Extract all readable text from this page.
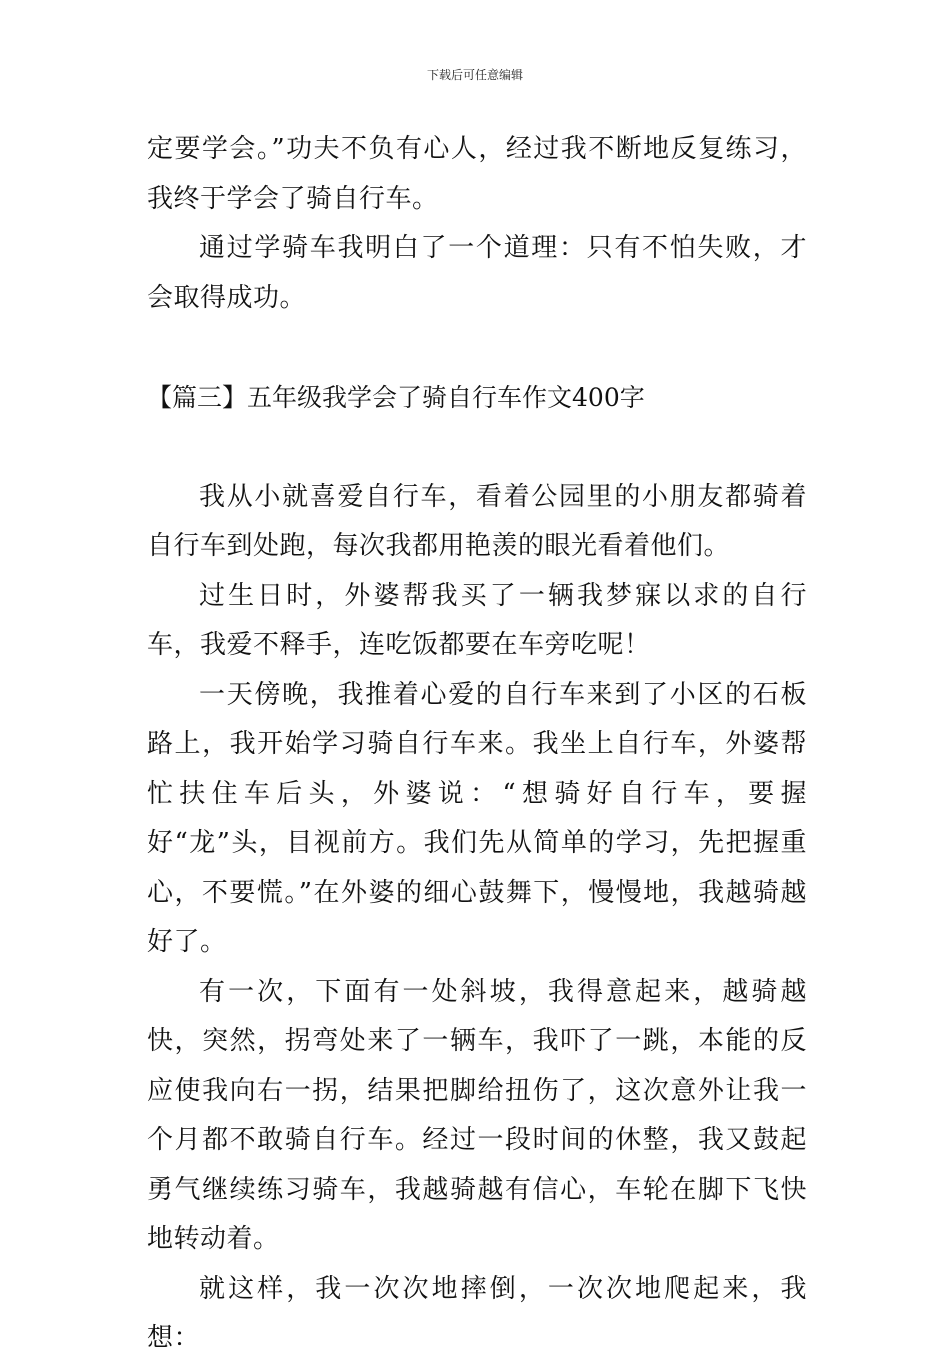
下载后可任意编辑

定要学会。”功夫不负有心人，经过我不断地反复练习，我终于学会了骑自行车。

通过学骑车我明白了一个道理：只有不怕失败，才会取得成功。

【篇三】五年级我学会了骑自行车作文400字

我从小就喜爱自行车，看着公园里的小朋友都骑着自行车到处跑，每次我都用艳羡的眼光看着他们。

过生日时，外婆帮我买了一辆我梦寐以求的自行车，我爱不释手，连吃饭都要在车旁吃呢！

一天傍晚，我推着心爱的自行车来到了小区的石板路上，我开始学习骑自行车来。我坐上自行车，外婆帮忙扶住车后头，外婆说：“想骑好自行车，要握好“龙”头，目视前方。我们先从简单的学习，先把握重心，不要慌。”在外婆的细心鼓舞下，慢慢地，我越骑越好了。

有一次，下面有一处斜坡，我得意起来，越骑越快，突然，拐弯处来了一辆车，我吓了一跳，本能的反应使我向右一拐，结果把脚给扭伤了，这次意外让我一个月都不敢骑自行车。经过一段时间的休整，我又鼓起勇气继续练习骑车，我越骑越有信心，车轮在脚下飞快地转动着。

就这样，我一次次地摔倒，一次次地爬起来，我想：
